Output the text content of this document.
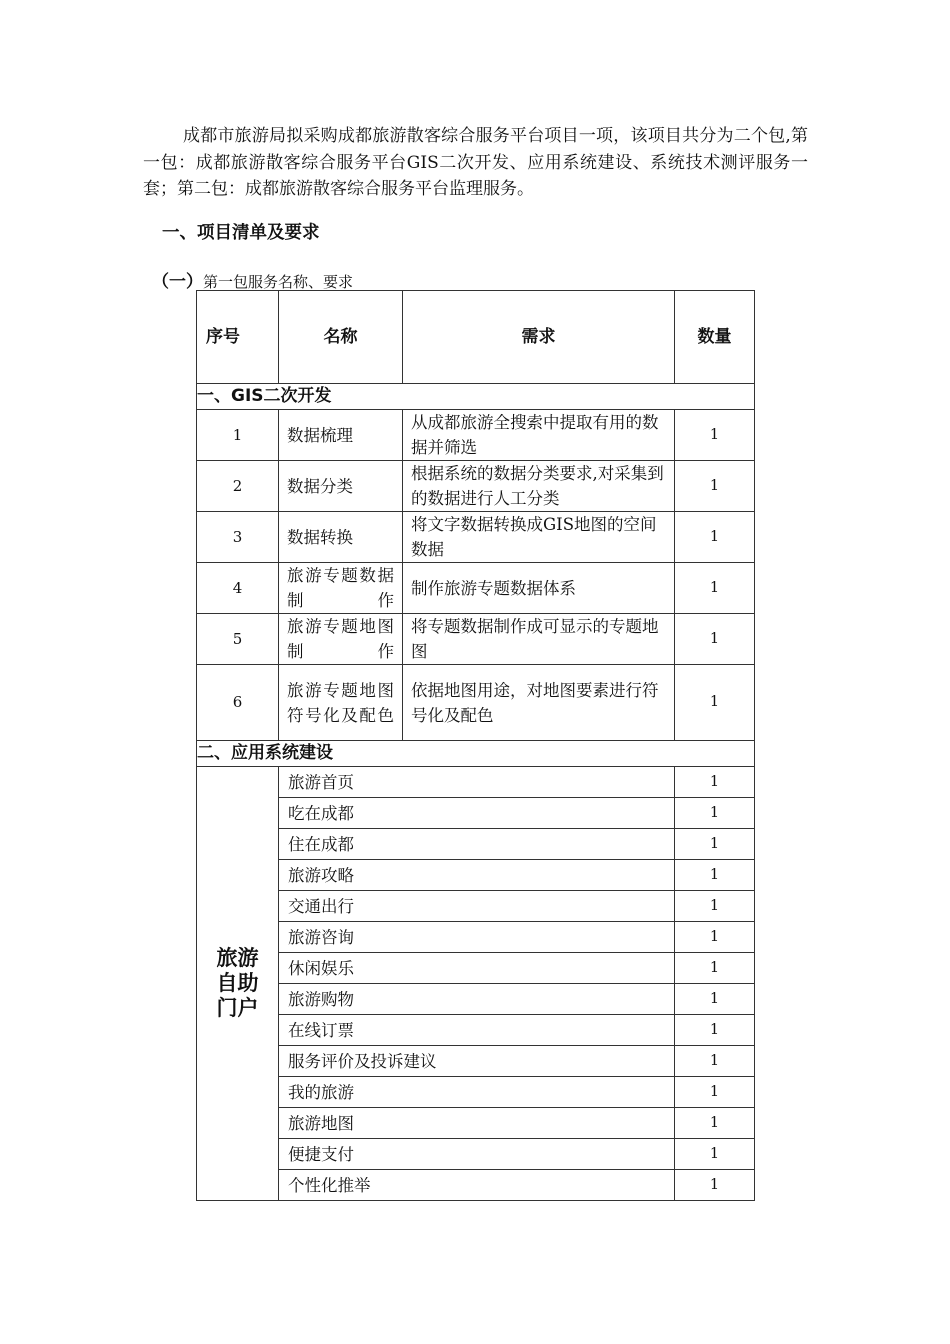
成都市旅游局拟采购成都旅游散客综合服务平台项目一项，该项目共分为二个包,第一包：成都旅游散客综合服务平台GIS二次开发、应用系统建设、系统技术测评服务一套；第二包：成都旅游散客综合服务平台监理服务。

一、项目清单及要求

（一）第一包服务名称、要求

序号	名称	需求	数量
一、GIS二次开发			
1	数据梳理	从成都旅游全搜索中提取有用的数据并筛选	1
2	数据分类	根据系统的数据分类要求,对采集到的数据进行人工分类	1
3	数据转换	将文字数据转换成GIS地图的空间数据	1
4	旅游专题数据制作	制作旅游专题数据体系	1
5	旅游专题地图制作	将专题数据制作成可显示的专题地图	1
6	旅游专题地图符号化及配色	依据地图用途，对地图要素进行符号化及配色	1
二、应用系统建设			
旅游自助门户	旅游首页		1
	吃在成都		1
	住在成都		1
	旅游攻略		1
	交通出行		1
	旅游咨询		1
	休闲娱乐		1
	旅游购物		1
	在线订票		1
	服务评价及投诉建议		1
	我的旅游		1
	旅游地图		1
	便捷支付		1
	个性化推举		1
